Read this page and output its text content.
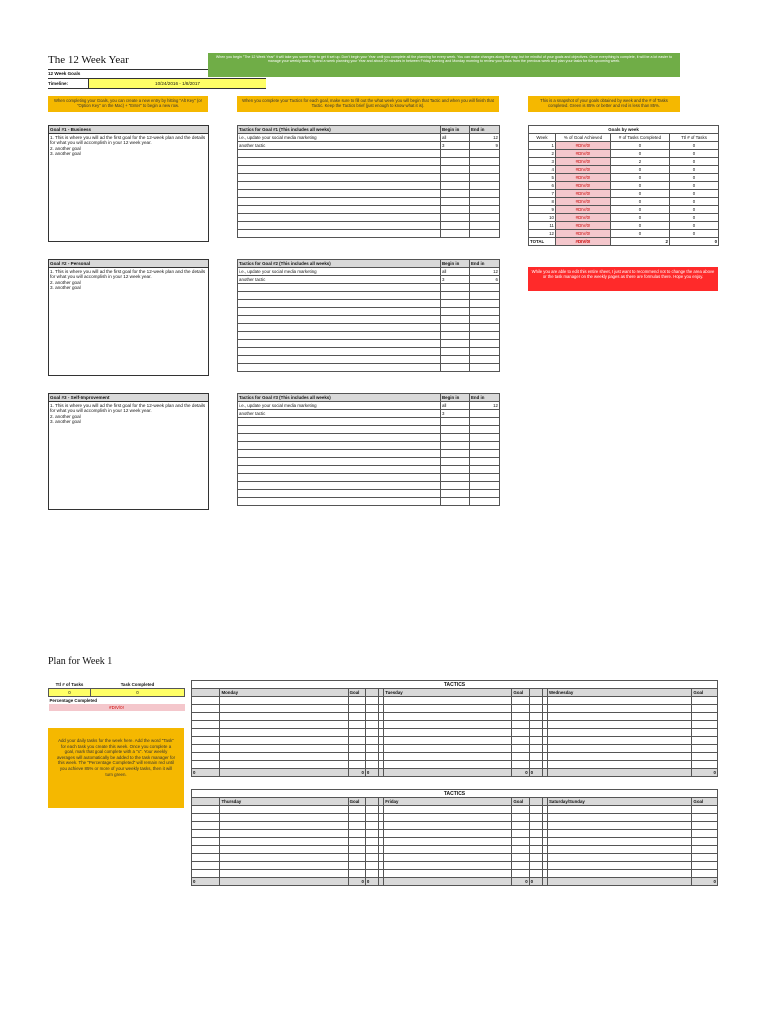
The 12 Week Year
12 Week Goals
Timeline:	10/24/2016 - 1/8/2017
When you begin "The 12 Week Year" it will take you some time to get it set up. Don't begin your Year until you complete all the planning for every week. You can make changes along the way, but be mindful of your goals and objectives. Once everything is complete, it will be a lot easier to manage your weekly tasks. Spend a week planning your Year and about 20 minutes in between Friday evening and Monday morning to review your tasks from the previous week and plan your tasks for the upcoming week.
When completing your Goals, you can create a new entry by hitting "Alt Key" (or "Option Key" on the Mac) + "Enter" to begin a new row.
When you complete your Tactics for each goal, make sure to fill out the what week you will begin that Tactic and when you will finish that Tactic. Keep the Tactics brief (just enough to know what it is).
This is a snapshot of your goals obtained by week and the # of Tasks completed. Green is 85% or better and red is less than 85%.
Goal #1 - Business
1. This is where you will ad the first goal for the 12-week plan and the details for what you will accomplish in your 12 week year.
2. another goal
3. another goal
Tactics for Goal #1 (This includes all weeks)	Begin in	End in
i.e., update your social media marketing	all	12
another tactic	3	9

Goals by week			
Week	% of Goal Achieved	# of Tasks Completed	Ttl # of Tasks
1	#DIV/0!	0	0
2	#DIV/0!	0	0
3	#DIV/0!	2	0
4	#DIV/0!	0	0
5	#DIV/0!	0	0
6	#DIV/0!	0	0
7	#DIV/0!	0	0
8	#DIV/0!	0	0
9	#DIV/0!	0	0
10	#DIV/0!	0	0
11	#DIV/0!	0	0
12	#DIV/0!	0	0
TOTAL	#DIV/0!	2	0
While you are able to edit this entire sheet, I just want to recommend not to change the area above or the task manager on the weekly pages as there are formulas there. Hope you enjoy.
Goal #2 - Personal
1. This is where you will ad the first goal for the 12-week plan and the details for what you will accomplish in your 12 week year.
2. another goal
3. another goal
Tactics for Goal #2 (This includes all weeks)	Begin in	End in
i.e., update your social media marketing	all	12
another tactic	3	6

Goal #3 - Self-Improvement
1. This is where you will ad the first goal for the 12-week plan and the details for what you will accomplish in your 12 week year.
2. another goal
3. another goal
Tactics for Goal #3 (This includes all weeks)	Begin in	End in
i.e., update your social media marketing	all	12
another tactic	3	

Plan for Week 1
Ttl # of Tasks	Task Completed
0	0
Percentage Completed	
#DIV/0!	
Add your daily tasks for the week here. Add the word "Task" for each task you create this week. Once you complete a goal, mark that goal complete with a "x". Your weekly averages will automatically be added to the task manager for this week. The "Percentage Completed" will remain red until you achieve 85% or more of your weekly tasks, then it will turn green.
TACTICS										
	Monday	Goal			Tuesday	Goal			Wednesday	Goal

0		0	0			0	0			0
TACTICS										
	Thursday	Goal			Friday	Goal			Saturday/Sunday	Goal

0		0	0			0	0			0
